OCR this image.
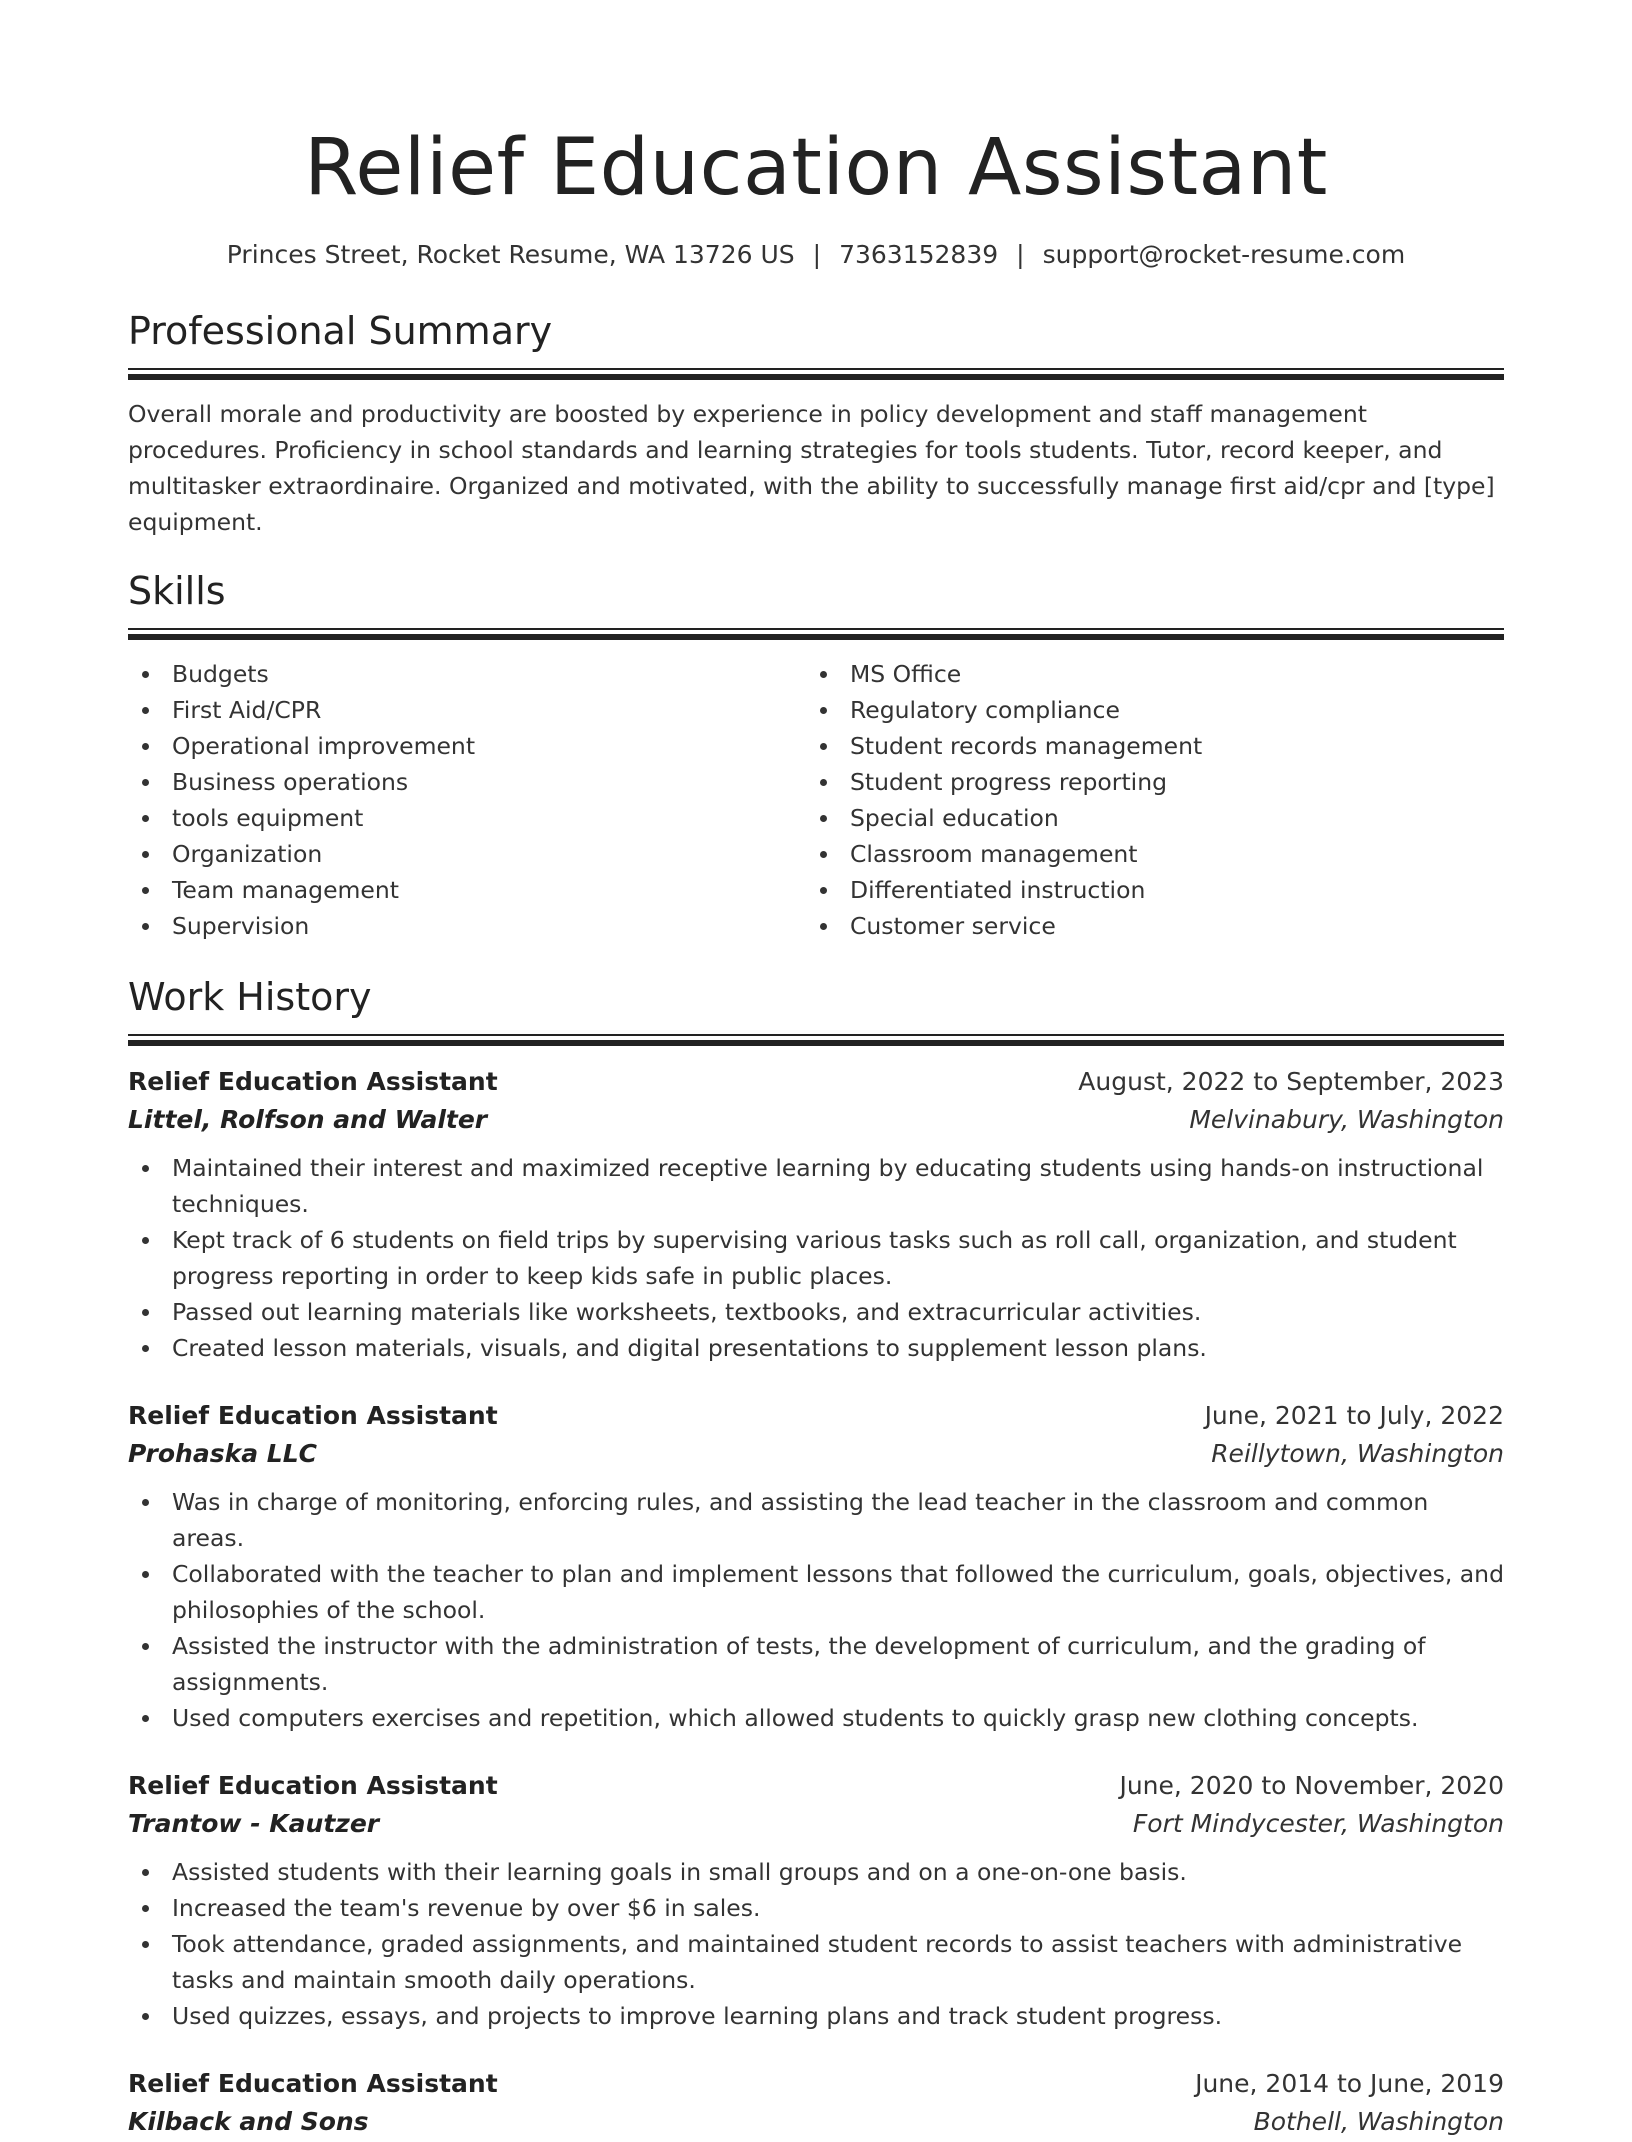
Relief Education Assistant
Princes Street, Rocket Resume, WA 13726 US | 7363152839 | support@rocket-resume.com
Professional Summary

Overall morale and productivity are boosted by experience in policy development and staff management procedures. Proficiency in school standards and learning strategies for tools students. Tutor, record keeper, and multitasker extraordinaire. Organized and motivated, with the ability to successfully manage first aid/cpr and [type] equipment.

Skills
Budgets
First Aid/CPR
Operational improvement
Business operations
tools equipment
Organization
Team management
Supervision
MS Office
Regulatory compliance
Student records management
Student progress reporting
Special education
Classroom management
Differentiated instruction
Customer service
Work History
Relief Education Assistant	August, 2022 to September, 2023
Littel, Rolfson and Walter	Melvinabury, Washington
Maintained their interest and maximized receptive learning by educating students using hands-on instructional techniques.
Kept track of 6 students on field trips by supervising various tasks such as roll call, organization, and student progress reporting in order to keep kids safe in public places.
Passed out learning materials like worksheets, textbooks, and extracurricular activities.
Created lesson materials, visuals, and digital presentations to supplement lesson plans.
Relief Education Assistant	June, 2021 to July, 2022
Prohaska LLC	Reillytown, Washington
Was in charge of monitoring, enforcing rules, and assisting the lead teacher in the classroom and common areas.
Collaborated with the teacher to plan and implement lessons that followed the curriculum, goals, objectives, and philosophies of the school.
Assisted the instructor with the administration of tests, the development of curriculum, and the grading of assignments.
Used computers exercises and repetition, which allowed students to quickly grasp new clothing concepts.
Relief Education Assistant	June, 2020 to November, 2020
Trantow - Kautzer	Fort Mindycester, Washington
Assisted students with their learning goals in small groups and on a one-on-one basis.
Increased the team's revenue by over $6 in sales.
Took attendance, graded assignments, and maintained student records to assist teachers with administrative tasks and maintain smooth daily operations.
Used quizzes, essays, and projects to improve learning plans and track student progress.
Relief Education Assistant	June, 2014 to June, 2019
Kilback and Sons	Bothell, Washington
